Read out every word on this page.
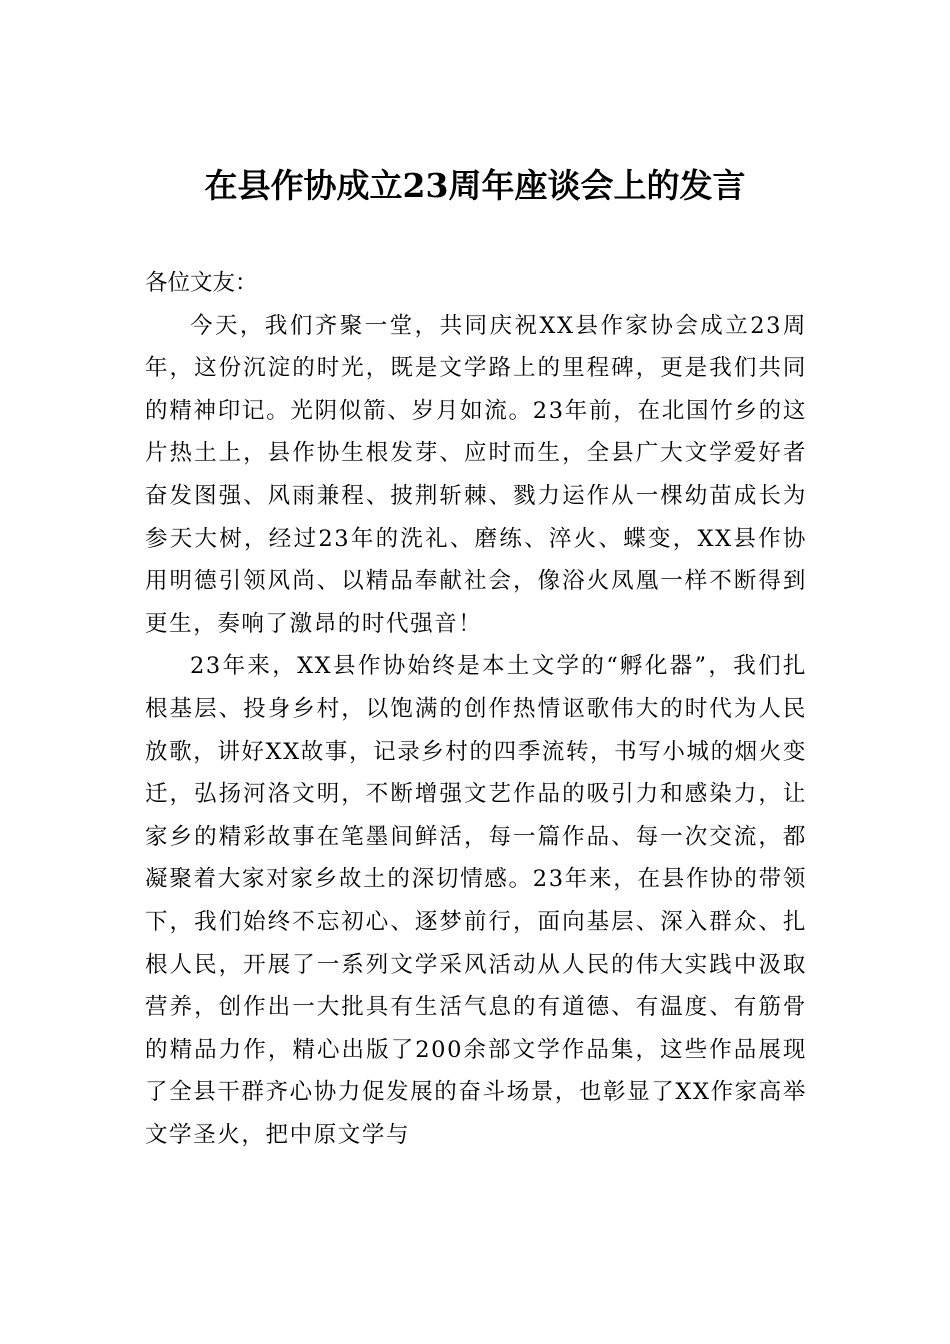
在县作协成立23周年座谈会上的发言

各位文友：

今天，我们齐聚一堂，共同庆祝XX县作家协会成立23周年，这份沉淀的时光，既是文学路上的里程碑，更是我们共同的精神印记。光阴似箭、岁月如流。23年前，在北国竹乡的这片热土上，县作协生根发芽、应时而生，全县广大文学爱好者奋发图强、风雨兼程、披荆斩棘、戮力运作从一棵幼苗成长为参天大树，经过23年的洗礼、磨练、淬火、蝶变，XX县作协用明德引领风尚、以精品奉献社会，像浴火凤凰一样不断得到更生，奏响了激昂的时代强音！

23年来，XX县作协始终是本土文学的“孵化器”，我们扎根基层、投身乡村，以饱满的创作热情讴歌伟大的时代为人民放歌，讲好XX故事，记录乡村的四季流转，书写小城的烟火变迁，弘扬河洛文明，不断增强文艺作品的吸引力和感染力，让家乡的精彩故事在笔墨间鲜活，每一篇作品、每一次交流，都凝聚着大家对家乡故土的深切情感。23年来，在县作协的带领下，我们始终不忘初心、逐梦前行，面向基层、深入群众、扎根人民，开展了一系列文学采风活动从人民的伟大实践中汲取营养，创作出一大批具有生活气息的有道德、有温度、有筋骨的精品力作，精心出版了200余部文学作品集，这些作品展现了全县干群齐心协力促发展的奋斗场景，也彰显了XX作家高举文学圣火，把中原文学与
